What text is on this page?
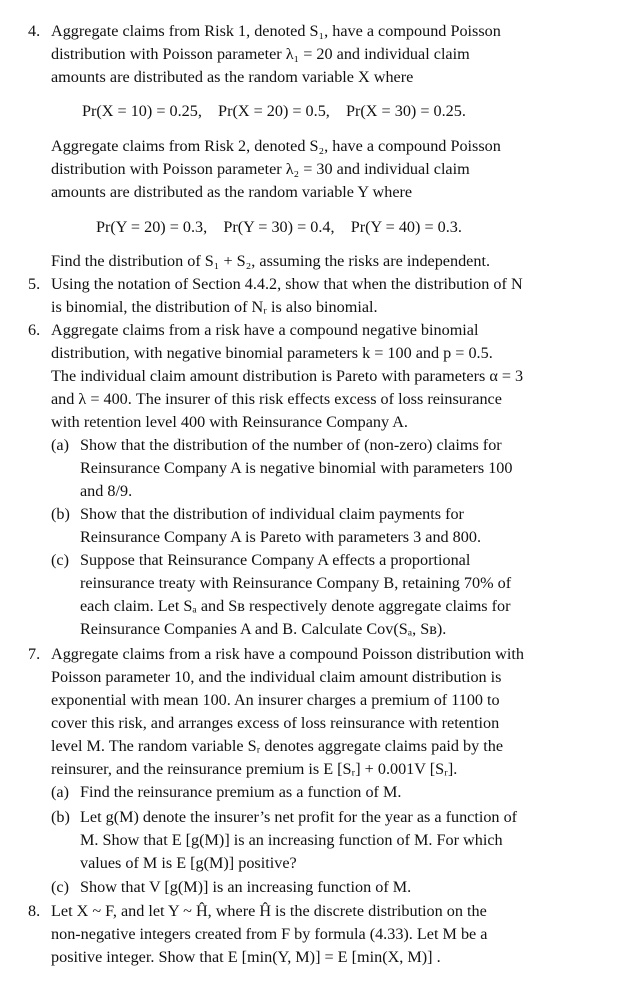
4. Aggregate claims from Risk 1, denoted S₁, have a compound Poisson
distribution with Poisson parameter λ₁ = 20 and individual claim
amounts are distributed as the random variable X where
Pr(X = 10) = 0.25,    Pr(X = 20) = 0.5,    Pr(X = 30) = 0.25.
Aggregate claims from Risk 2, denoted S₂, have a compound Poisson
distribution with Poisson parameter λ₂ = 30 and individual claim
amounts are distributed as the random variable Y where
Pr(Y = 20) = 0.3,    Pr(Y = 30) = 0.4,    Pr(Y = 40) = 0.3.
Find the distribution of S₁ + S₂, assuming the risks are independent.
5. Using the notation of Section 4.4.2, show that when the distribution of N
is binomial, the distribution of Nᵣ is also binomial.
6. Aggregate claims from a risk have a compound negative binomial
distribution, with negative binomial parameters k = 100 and p = 0.5.
The individual claim amount distribution is Pareto with parameters α = 3
and λ = 400. The insurer of this risk effects excess of loss reinsurance
with retention level 400 with Reinsurance Company A.
(a) Show that the distribution of the number of (non-zero) claims for
Reinsurance Company A is negative binomial with parameters 100
and 8/9.
(b) Show that the distribution of individual claim payments for
Reinsurance Company A is Pareto with parameters 3 and 800.
(c) Suppose that Reinsurance Company A effects a proportional
reinsurance treaty with Reinsurance Company B, retaining 70% of
each claim. Let Sₐ and Sʙ respectively denote aggregate claims for
Reinsurance Companies A and B. Calculate Cov(Sₐ, Sʙ).
7. Aggregate claims from a risk have a compound Poisson distribution with
Poisson parameter 10, and the individual claim amount distribution is
exponential with mean 100. An insurer charges a premium of 1100 to
cover this risk, and arranges excess of loss reinsurance with retention
level M. The random variable Sᵣ denotes aggregate claims paid by the
reinsurer, and the reinsurance premium is E [Sᵣ] + 0.001V [Sᵣ].
(a) Find the reinsurance premium as a function of M.
(b) Let g(M) denote the insurer’s net profit for the year as a function of
M. Show that E [g(M)] is an increasing function of M. For which
values of M is E [g(M)] positive?
(c) Show that V [g(M)] is an increasing function of M.
8. Let X ~ F, and let Y ~ Ĥ, where Ĥ is the discrete distribution on the
non-negative integers created from F by formula (4.33). Let M be a
positive integer. Show that E [min(Y, M)] = E [min(X, M)] .
